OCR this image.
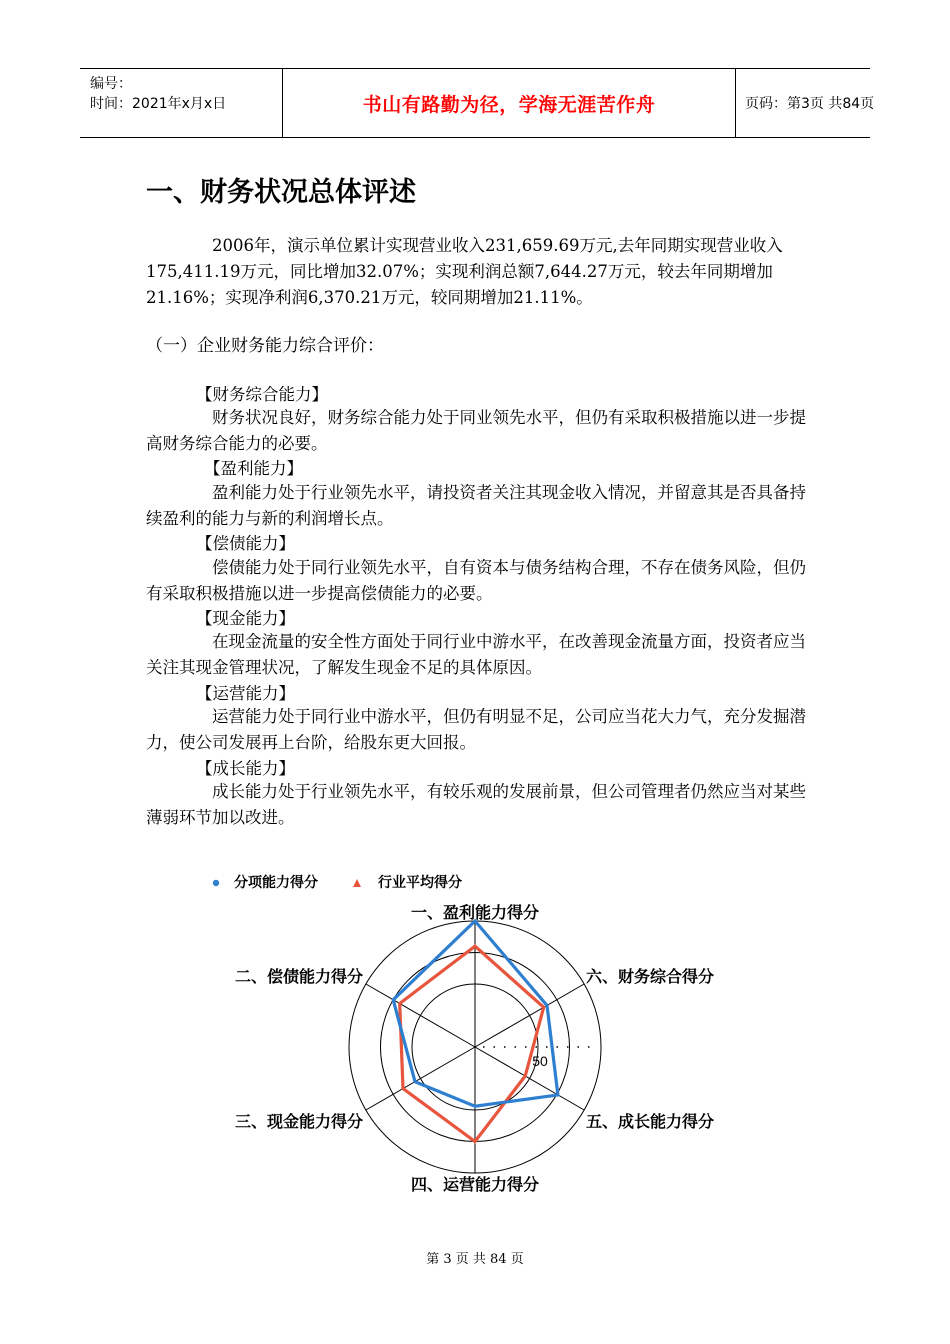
编号：
时间：2021年x月x日	书山有路勤为径，学海无涯苦作舟	页码：第3页 共84页
一、财务状况总体评述

2006年，演示单位累计实现营业收入231,659.69万元,去年同期实现营业收入175,411.19万元，同比增加32.07%；实现利润总额7,644.27万元，较去年同期增加21.16%；实现净利润6,370.21万元，较同期增加21.11%。

（一）企业财务能力综合评价：

【财务综合能力】

财务状况良好，财务综合能力处于同业领先水平，但仍有采取积极措施以进一步提高财务综合能力的必要。

【盈利能力】

盈利能力处于行业领先水平，请投资者关注其现金收入情况，并留意其是否具备持续盈利的能力与新的利润增长点。

【偿债能力】

偿债能力处于同行业领先水平，自有资本与债务结构合理，不存在债务风险，但仍有采取积极措施以进一步提高偿债能力的必要。

【现金能力】

在现金流量的安全性方面处于同行业中游水平，在改善现金流量方面，投资者应当关注其现金管理状况，了解发生现金不足的具体原因。

【运营能力】

运营能力处于同行业中游水平，但仍有明显不足，公司应当花大力气，充分发掘潜力，使公司发展再上台阶，给股东更大回报。

【成长能力】

成长能力处于行业领先水平，有较乐观的发展前景，但公司管理者仍然应当对某些薄弱环节加以改进。

50
一、盈利能力得分
六、财务综合得分
五、成长能力得分
四、运营能力得分
三、现金能力得分
二、偿债能力得分
分项能力得分	行业平均得分
第 3 页 共 84 页
